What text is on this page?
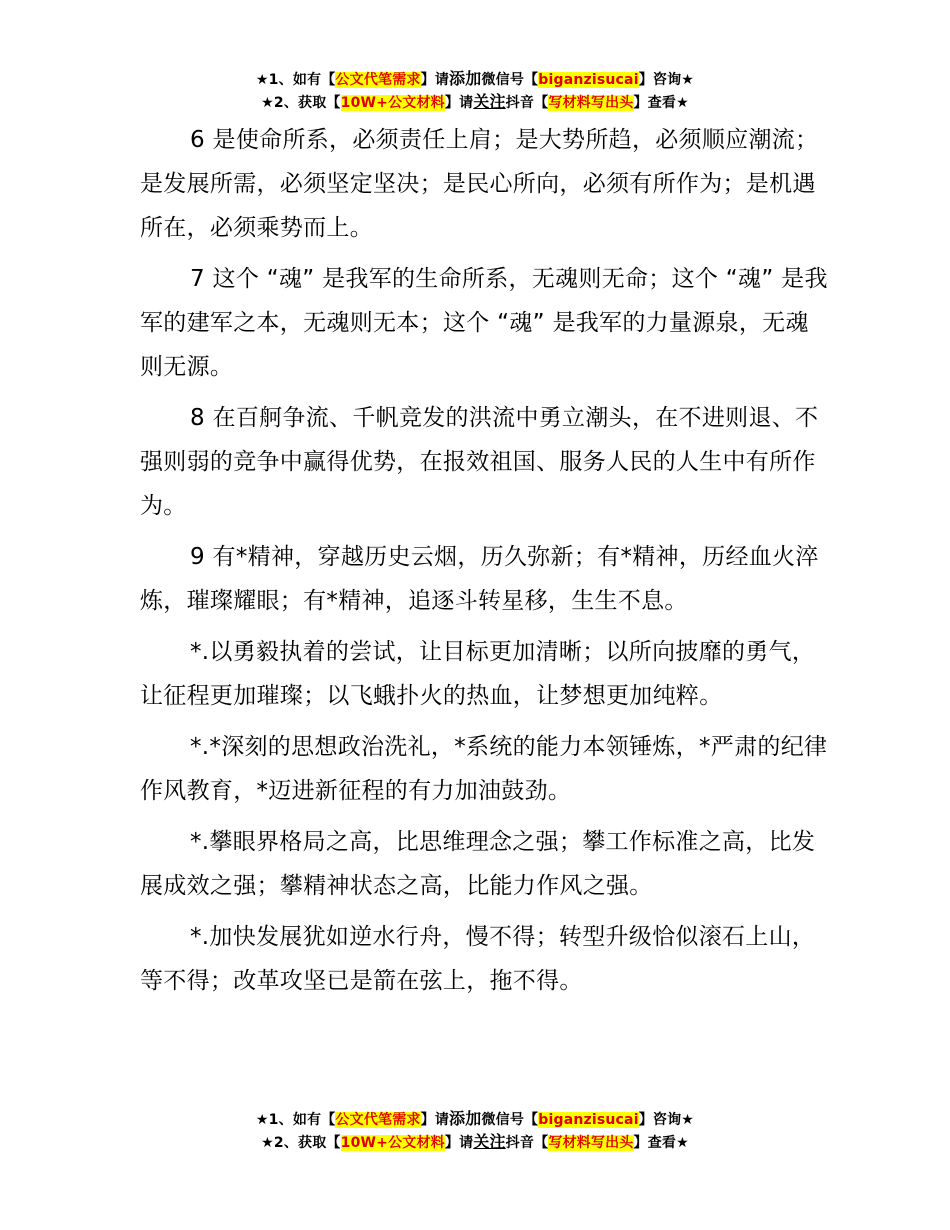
★1、如有【公文代笔需求】请添加微信号【biganzisucai】咨询★
★2、获取【10W+公文材料】请关注抖音【写材料写出头】查看★

6 是使命所系，必须责任上肩；是大势所趋，必须顺应潮流；是发展所需，必须坚定坚决；是民心所向，必须有所作为；是机遇所在，必须乘势而上。

7 这个 “魂” 是我军的生命所系，无魂则无命；这个 “魂” 是我军的建军之本，无魂则无本；这个 “魂” 是我军的力量源泉，无魂则无源。

8 在百舸争流、千帆竞发的洪流中勇立潮头，在不进则退、不强则弱的竞争中赢得优势，在报效祖国、服务人民的人生中有所作为。

9 有*精神，穿越历史云烟，历久弥新；有*精神，历经血火淬炼，璀璨耀眼；有*精神，追逐斗转星移，生生不息。

*.以勇毅执着的尝试，让目标更加清晰；以所向披靡的勇气，让征程更加璀璨；以飞蛾扑火的热血，让梦想更加纯粹。

*.*深刻的思想政治洗礼，*系统的能力本领锤炼，*严肃的纪律作风教育，*迈进新征程的有力加油鼓劲。

*.攀眼界格局之高，比思维理念之强；攀工作标准之高，比发展成效之强；攀精神状态之高，比能力作风之强。

*.加快发展犹如逆水行舟，慢不得；转型升级恰似滚石上山，等不得；改革攻坚已是箭在弦上，拖不得。

★1、如有【公文代笔需求】请添加微信号【biganzisucai】咨询★
★2、获取【10W+公文材料】请关注抖音【写材料写出头】查看★
